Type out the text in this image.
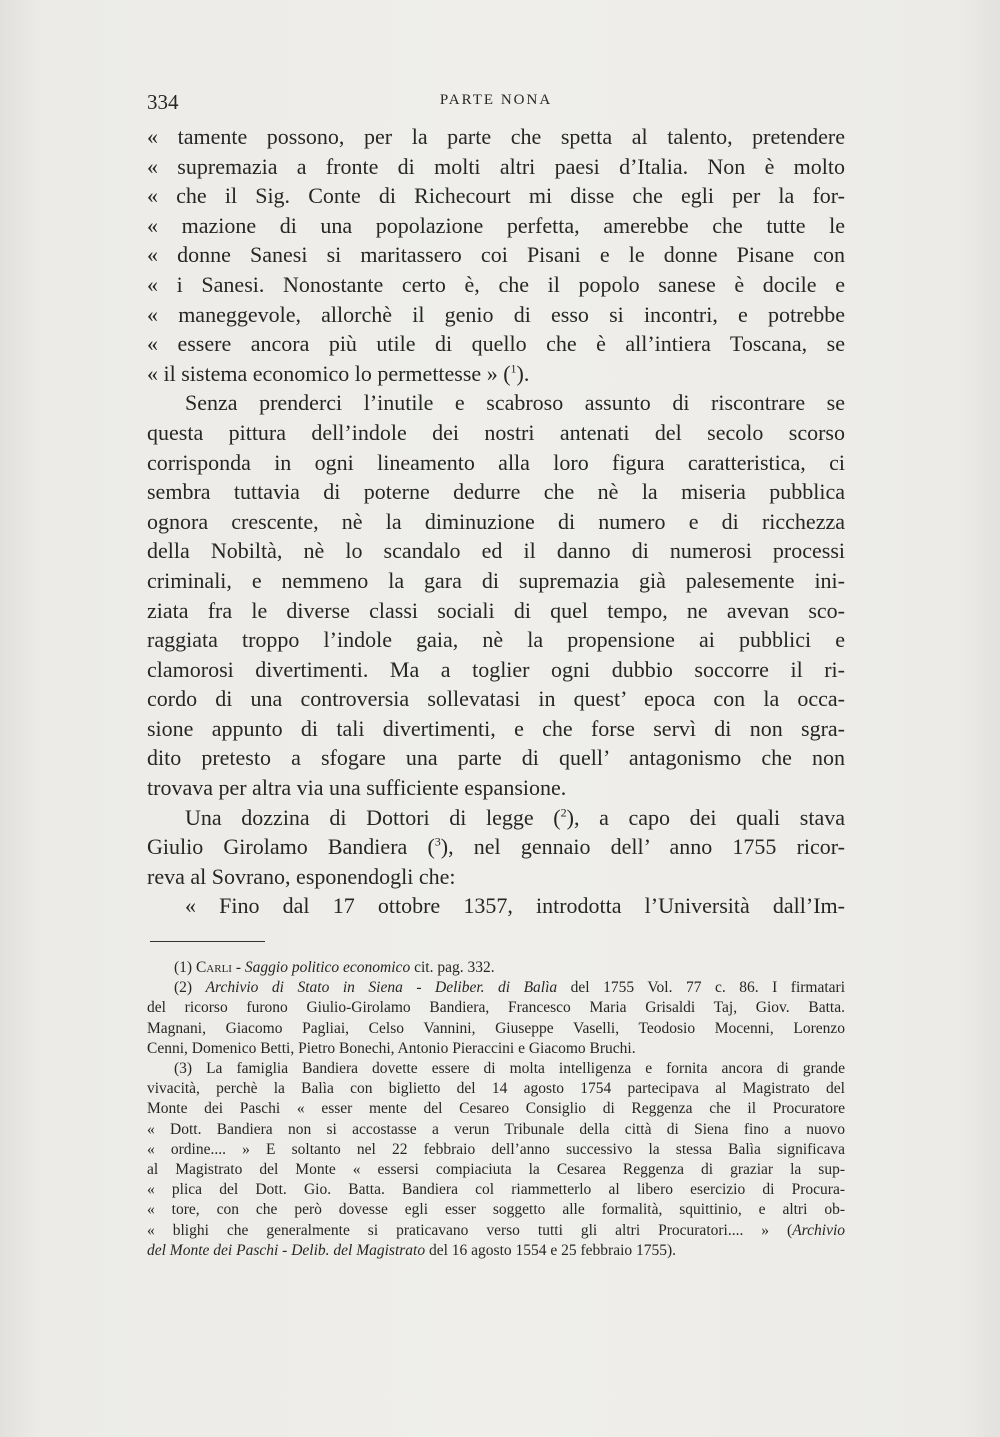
334	PARTE NONA
« tamente possono, per la parte che spetta al talento, pretendere
« supremazia a fronte di molti altri paesi d’Italia. Non è molto
« che il Sig. Conte di Richecourt mi disse che egli per la for-
« mazione di una popolazione perfetta, amerebbe che tutte le
« donne Sanesi si maritassero coi Pisani e le donne Pisane con
« i Sanesi. Nonostante certo è, che il popolo sanese è docile e
« maneggevole, allorchè il genio di esso si incontri, e potrebbe
« essere ancora più utile di quello che è all’intiera Toscana, se
« il sistema economico lo permettesse » ($^1$).
Senza prenderci l’inutile e scabroso assunto di riscontrare se
questa pittura dell’indole dei nostri antenati del secolo scorso
corrisponda in ogni lineamento alla loro figura caratteristica, ci
sembra tuttavia di poterne dedurre che nè la miseria pubblica
ognora crescente, nè la diminuzione di numero e di ricchezza
della Nobiltà, nè lo scandalo ed il danno di numerosi processi
criminali, e nemmeno la gara di supremazia già palesemente ini-
ziata fra le diverse classi sociali di quel tempo, ne avevan sco-
raggiata troppo l’indole gaia, nè la propensione ai pubblici e
clamorosi divertimenti. Ma a toglier ogni dubbio soccorre il ri-
cordo di una controversia sollevatasi in quest’ epoca con la occa-
sione appunto di tali divertimenti, e che forse servì di non sgra-
dito pretesto a sfogare una parte di quell’ antagonismo che non
trovava per altra via una sufficiente espansione.
Una dozzina di Dottori di legge ($^2$), a capo dei quali stava
Giulio Girolamo Bandiera ($^3$), nel gennaio dell’ anno 1755 ricor-
reva al Sovrano, esponendogli che:
« Fino dal 17 ottobre 1357, introdotta l’Università dall’Im-
(1) Carli - Saggio politico economico cit. pag. 332.
(2) Archivio di Stato in Siena - Deliber. di Balìa del 1755 Vol. 77 c. 86. I firmatari
del ricorso furono Giulio-Girolamo Bandiera, Francesco Maria Grisaldi Taj, Giov. Batta.
Magnani, Giacomo Pagliai, Celso Vannini, Giuseppe Vaselli, Teodosio Mocenni, Lorenzo
Cenni, Domenico Betti, Pietro Bonechi, Antonio Pieraccini e Giacomo Bruchi.
(3) La famiglia Bandiera dovette essere di molta intelligenza e fornita ancora di grande
vivacità, perchè la Balìa con biglietto del 14 agosto 1754 partecipava al Magistrato del
Monte dei Paschi « esser mente del Cesareo Consiglio di Reggenza che il Procuratore
« Dott. Bandiera non si accostasse a verun Tribunale della città di Siena fino a nuovo
« ordine.... » E soltanto nel 22 febbraio dell’anno successivo la stessa Balìa significava
al Magistrato del Monte « essersi compiaciuta la Cesarea Reggenza di graziar la sup-
« plica del Dott. Gio. Batta. Bandiera col riammetterlo al libero esercizio di Procura-
« tore, con che però dovesse egli esser soggetto alle formalità, squittinio, e altri ob-
« blighi che generalmente si praticavano verso tutti gli altri Procuratori.... » (Archivio
del Monte dei Paschi - Delib. del Magistrato del 16 agosto 1554 e 25 febbraio 1755).
